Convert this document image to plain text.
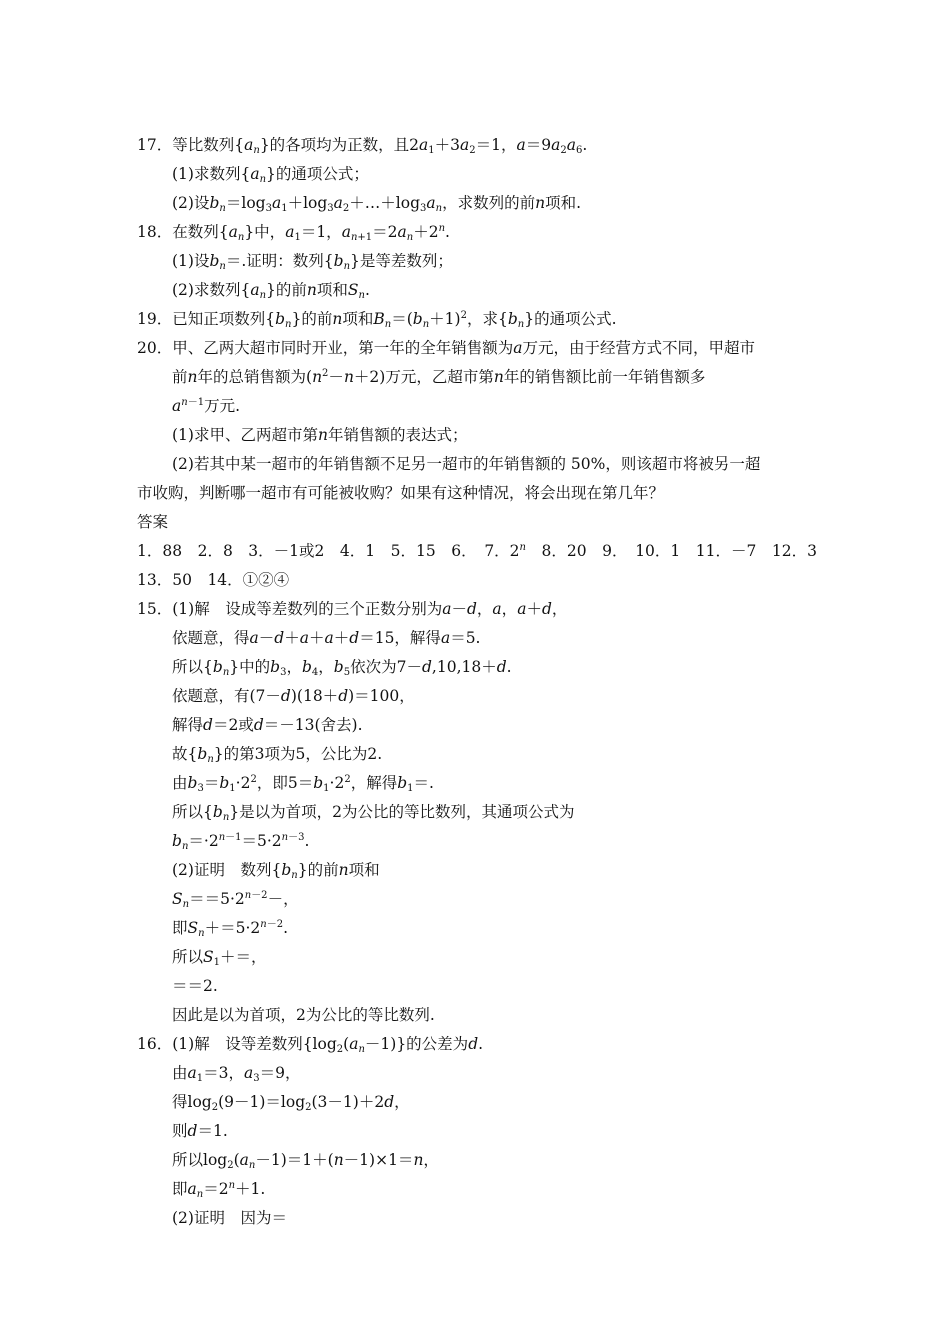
17．等比数列$\{a_n\}$的各项均为正数，且$2a_1+3a_2=1$，$a=9a_2a_6$.
(1)求数列$\{a_n\}$的通项公式；
(2)设$b_n=\log_3a_1+\log_3a_2+\dots+\log_3a_n$，求数列的前n项和.
18．在数列$\{a_n\}$中，$a_1=1$，$a_{n+1}=2a_n+2^n$.
(1)设$b_n=$.证明：数列$\{b_n\}$是等差数列；
(2)求数列$\{a_n\}$的前n项和$S_n$.
19．已知正项数列$\{b_n\}$的前n项和$B_n=(b_n+1)^2$，求$\{b_n\}$的通项公式.
20．甲、乙两大超市同时开业，第一年的全年销售额为a万元，由于经营方式不同，甲超市
前n年的总销售额为$(n^2-n+2)$万元，乙超市第n年的销售额比前一年销售额多
$a^{n-1}$万元.
(1)求甲、乙两超市第n年销售额的表达式；
(2)若其中某一超市的年销售额不足另一超市的年销售额的 50%，则该超市将被另一超
市收购，判断哪一超市有可能被收购？如果有这种情况，将会出现在第几年？
答案
1．88　2．8　3．－1或2　4．1　5．15　6．　7．2$^n$　8．20　9．　10．1　11．－7　12．3
13．50　14．①②④
15．(1)解　设成等差数列的三个正数分别为a－d，a，a＋d，
依题意，得a－d＋a＋a＋d＝15，解得a＝5.
所以$\{b_n\}$中的$b_3$，$b_4$，$b_5$依次为7－d,10,18＋d.
依题意，有(7－d)(18＋d)＝100，
解得d＝2或d＝－13(舍去).
故$\{b_n\}$的第3项为5，公比为2.
由$b_3=b_1\cdot 2^2$，即$5=b_1\cdot 2^2$，解得$b_1=$.
所以$\{b_n\}$是以为首项，2为公比的等比数列，其通项公式为
$b_n=\cdot 2^{n-1}=5\cdot 2^{n-3}$.
(2)证明　数列$\{b_n\}$的前n项和
$S_n==5\cdot 2^{n-2}-$，
即$S_n+=5\cdot 2^{n-2}$.
所以$S_1+=$，
＝＝2.
因此是以为首项，2为公比的等比数列.
16．(1)解　设等差数列$\{\log_2(a_n-1)\}$的公差为d.
由$a_1=3$，$a_3=9$，
得$\log_2(9-1)=\log_2(3-1)+2d$，
则d＝1.
所以$\log_2(a_n-1)=1+(n-1)\times 1=n$，
即$a_n=2^n+1$.
(2)证明　因为＝
